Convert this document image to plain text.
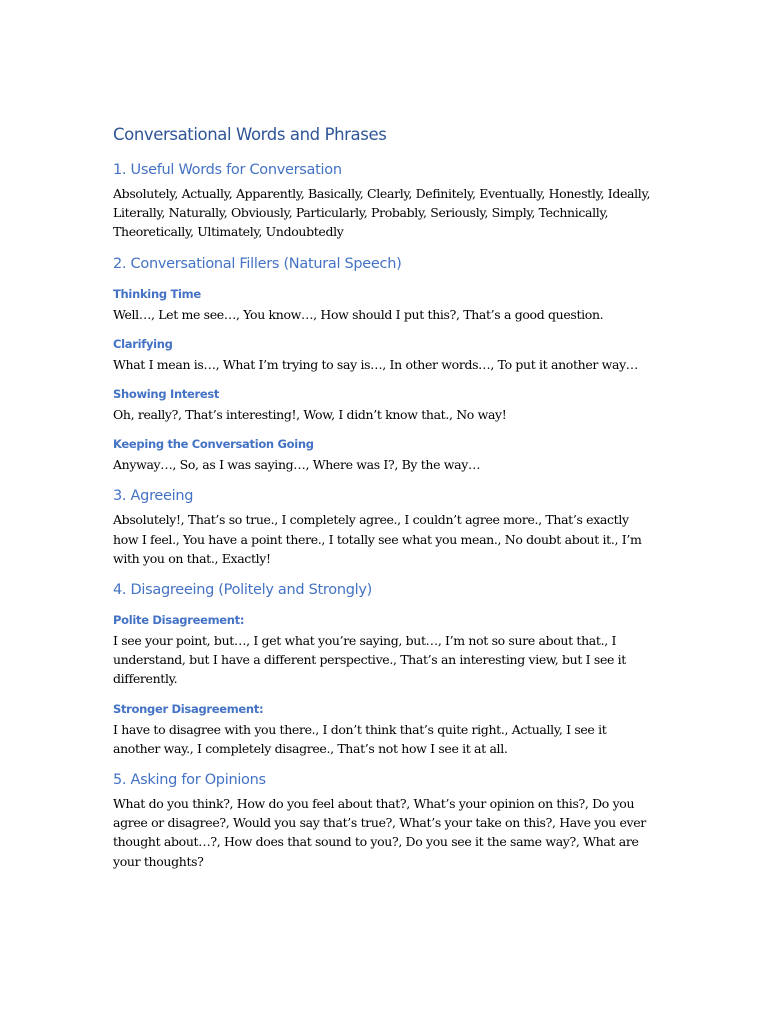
Conversational Words and Phrases
1. Useful Words for Conversation

Absolutely, Actually, Apparently, Basically, Clearly, Definitely, Eventually, Honestly, Ideally, Literally, Naturally, Obviously, Particularly, Probably, Seriously, Simply, Technically, Theoretically, Ultimately, Undoubtedly

2. Conversational Fillers (Natural Speech)
Thinking Time

Well…, Let me see…, You know…, How should I put this?, That’s a good question.

Clarifying

What I mean is…, What I’m trying to say is…, In other words…, To put it another way…

Showing Interest

Oh, really?, That’s interesting!, Wow, I didn’t know that., No way!

Keeping the Conversation Going

Anyway…, So, as I was saying…, Where was I?, By the way…

3. Agreeing

Absolutely!, That’s so true., I completely agree., I couldn’t agree more., That’s exactly how I feel., You have a point there., I totally see what you mean., No doubt about it., I’m with you on that., Exactly!

4. Disagreeing (Politely and Strongly)
Polite Disagreement:

I see your point, but…, I get what you’re saying, but…, I’m not so sure about that., I understand, but I have a different perspective., That’s an interesting view, but I see it differently.

Stronger Disagreement:

I have to disagree with you there., I don’t think that’s quite right., Actually, I see it another way., I completely disagree., That’s not how I see it at all.

5. Asking for Opinions

What do you think?, How do you feel about that?, What’s your opinion on this?, Do you agree or disagree?, Would you say that’s true?, What’s your take on this?, Have you ever thought about…?, How does that sound to you?, Do you see it the same way?, What are your thoughts?
